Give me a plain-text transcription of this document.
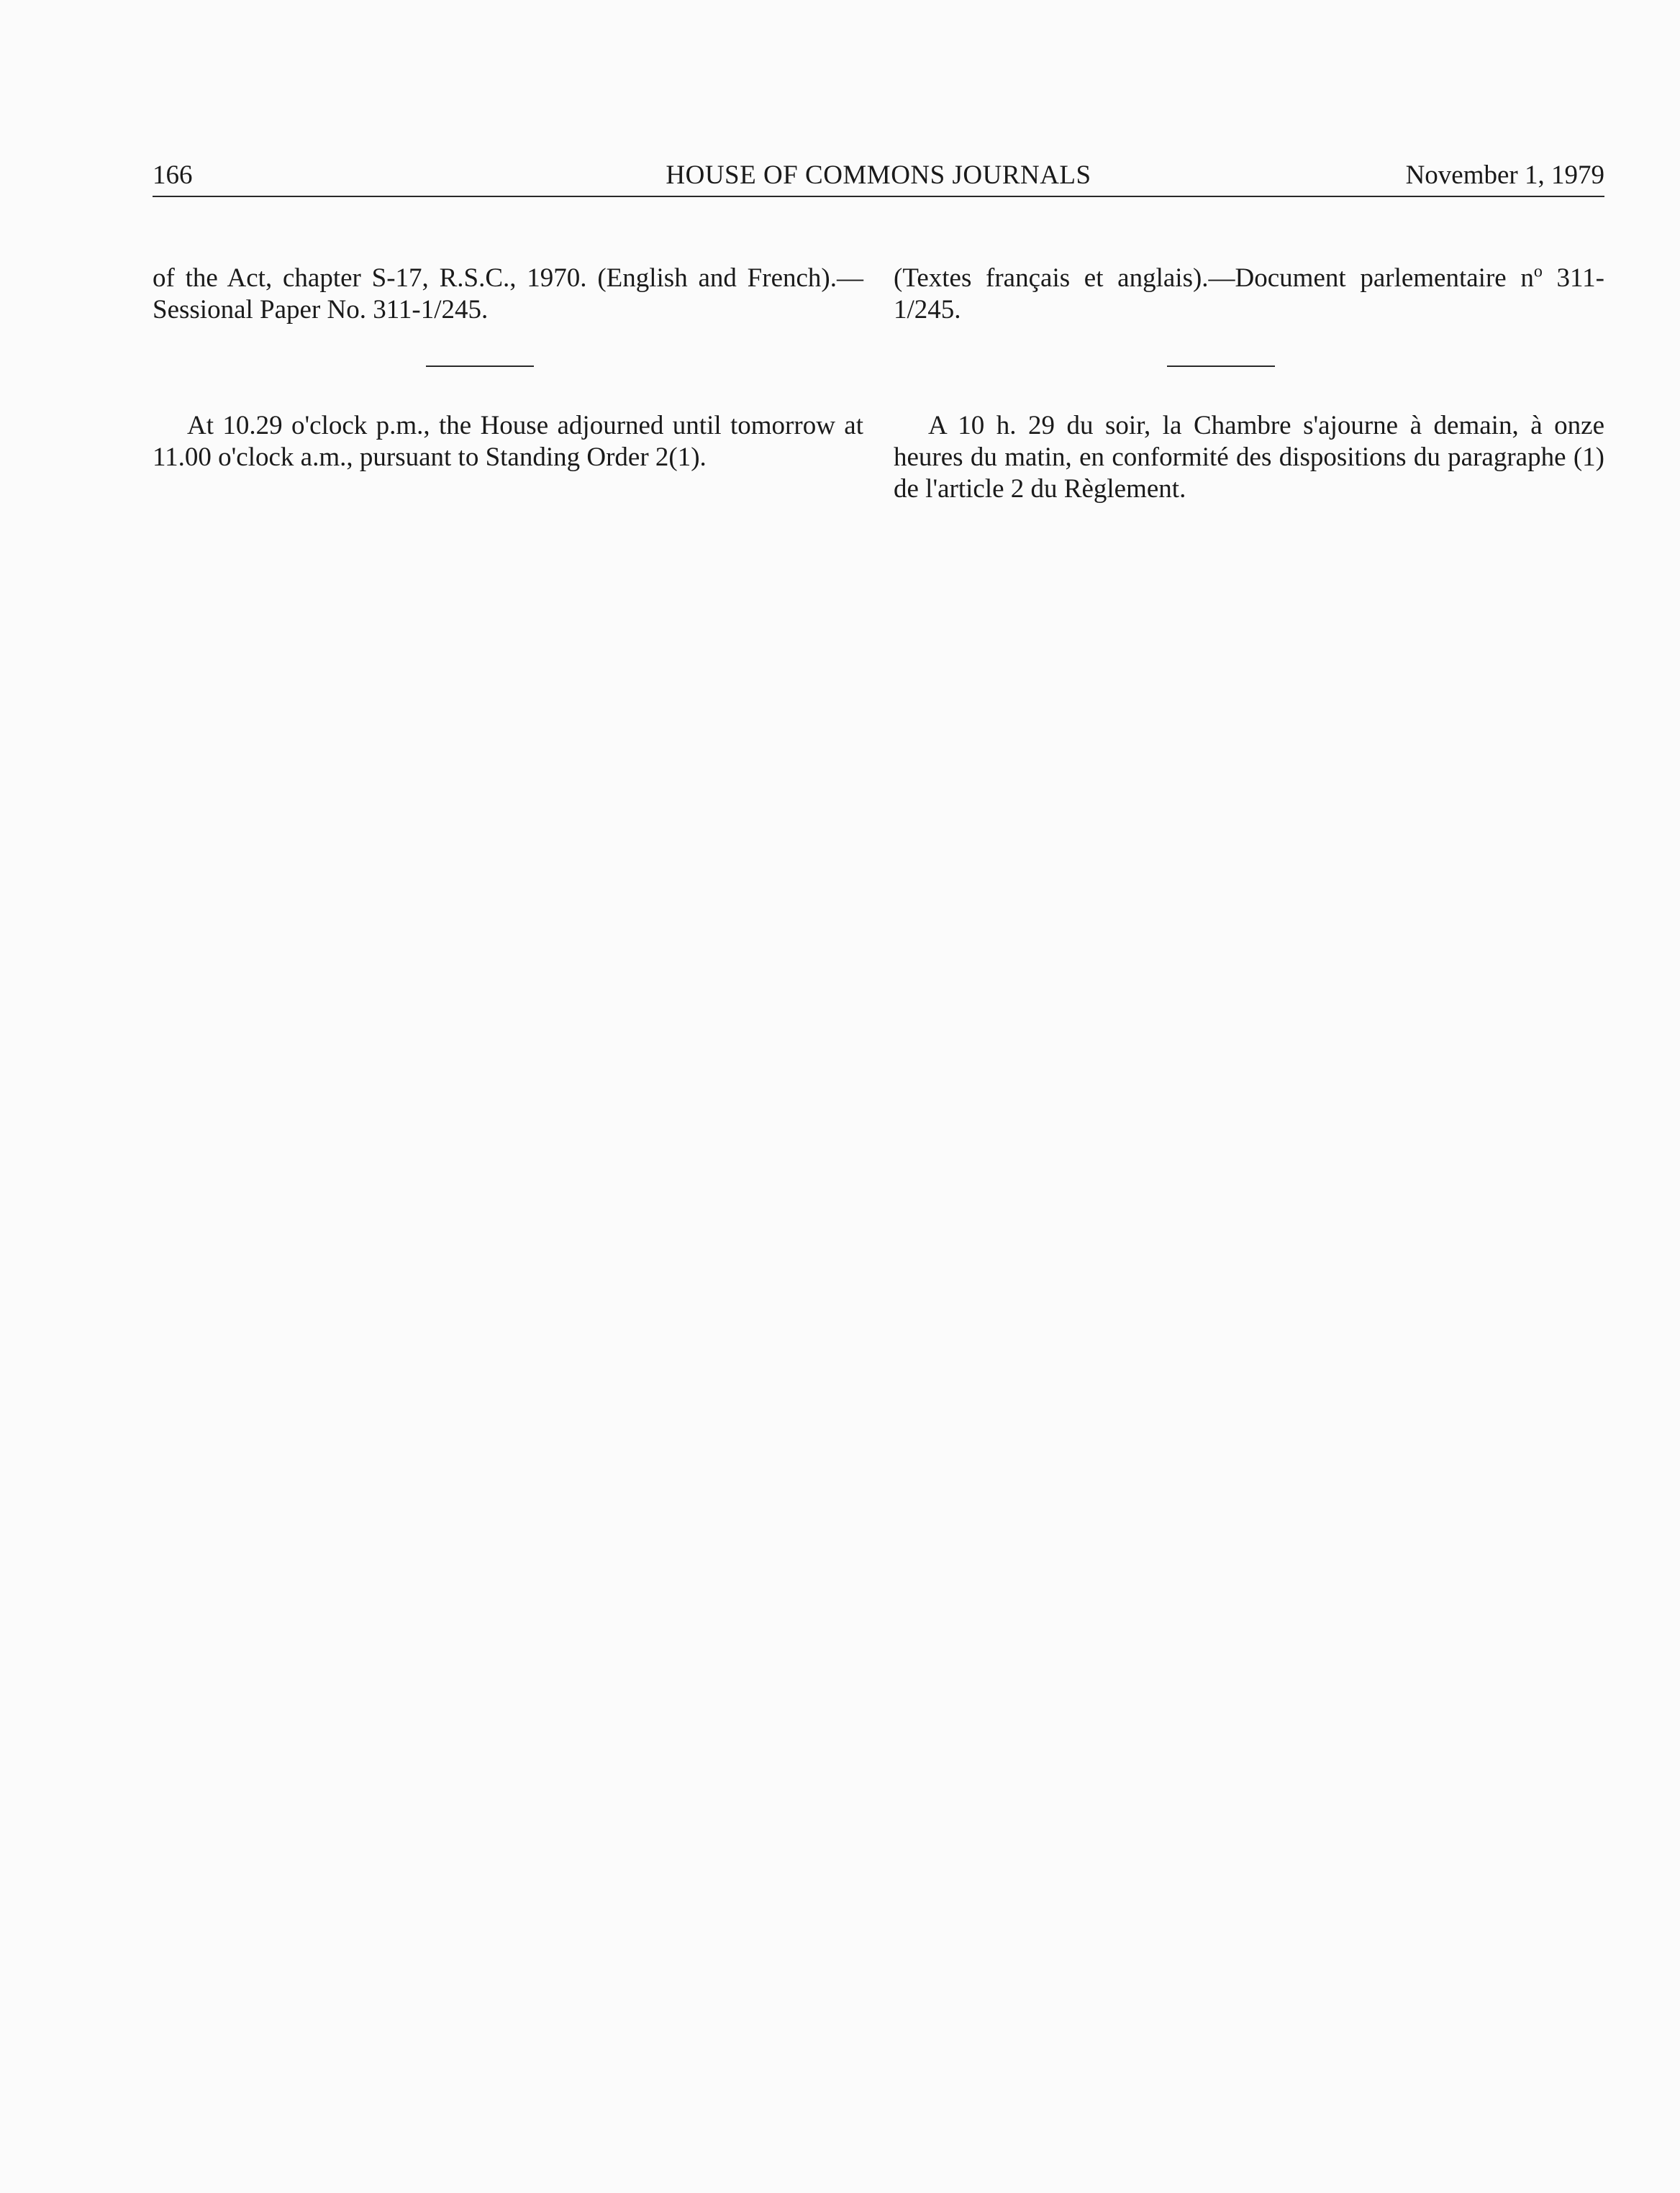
166	HOUSE OF COMMONS JOURNALS	November 1, 1979

of the Act, chapter S-17, R.S.C., 1970. (English and French).—Sessional Paper No. 311-1/245.

At 10.29 o'clock p.m., the House adjourned until tomorrow at 11.00 o'clock a.m., pursuant to Standing Order 2(1).

(Textes français et anglais).—Document parlementaire $n^o$ 311-1/245.

A 10 h. 29 du soir, la Chambre s'ajourne à demain, à onze heures du matin, en conformité des dispositions du paragraphe (1) de l'article 2 du Règlement.
